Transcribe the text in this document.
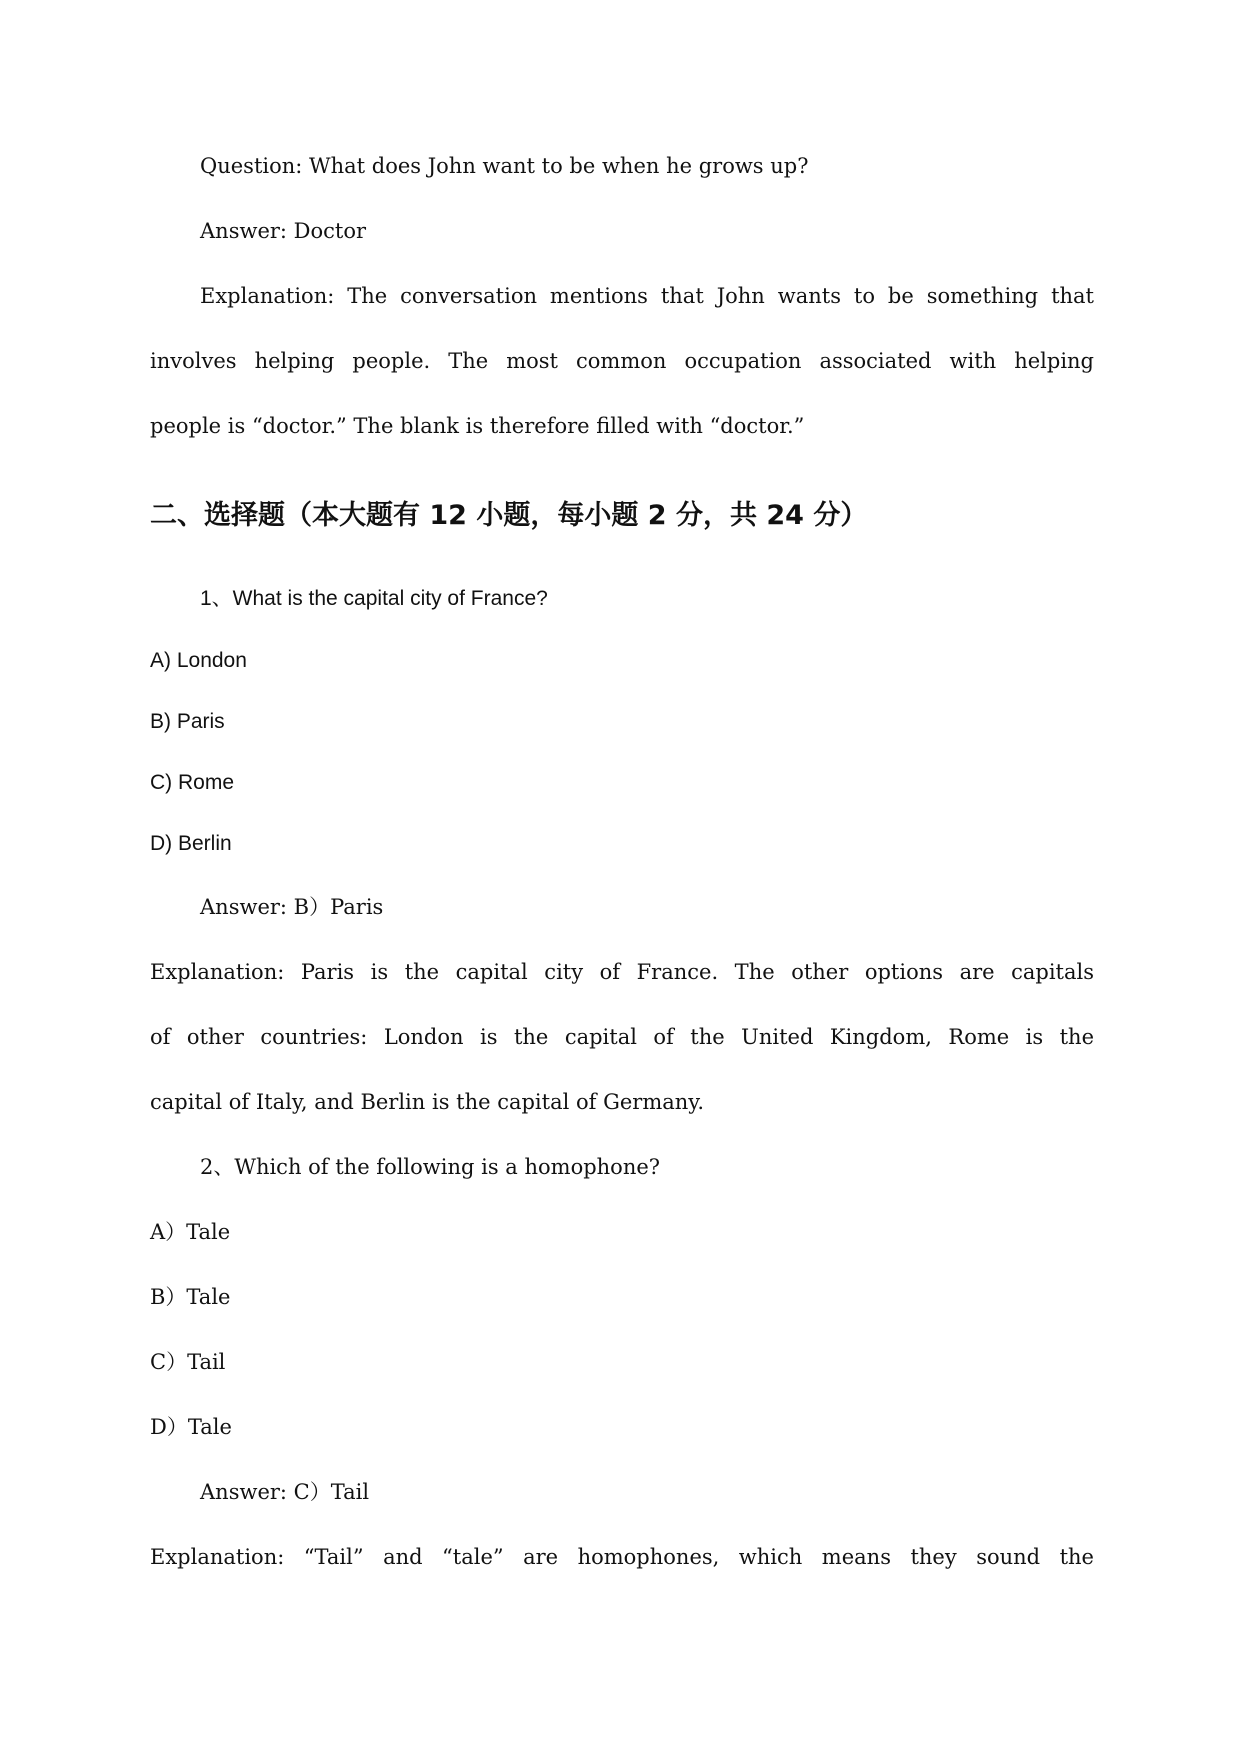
Question: What does John want to be when he grows up?
Answer: Doctor
Explanation: The conversation mentions that John wants to be something that
involves helping people. The most common occupation associated with helping
people is “doctor.” The blank is therefore filled with “doctor.”
二、选择题（本大题有 12 小题，每小题 2 分，共 24 分）
1、What is the capital city of France?
A) London
B) Paris
C) Rome
D) Berlin
Answer: B）Paris
Explanation: Paris is the capital city of France. The other options are capitals
of other countries: London is the capital of the United Kingdom, Rome is the
capital of Italy, and Berlin is the capital of Germany.
2、Which of the following is a homophone?
A）Tale
B）Tale
C）Tail
D）Tale
Answer: C）Tail
Explanation: “Tail” and “tale” are homophones, which means they sound the
